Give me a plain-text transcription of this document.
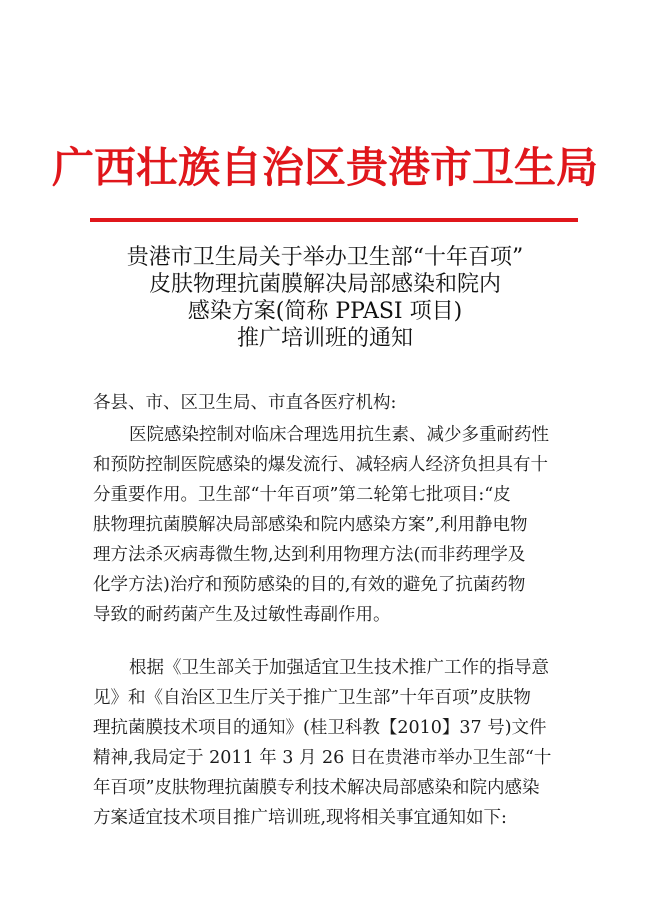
广西壮族自治区贵港市卫生局
贵港市卫生局关于举办卫生部“十年百项”
皮肤物理抗菌膜解决局部感染和院内
感染方案(简称 PPASI 项目)
推广培训班的通知
各县、市、区卫生局、市直各医疗机构:
医院感染控制对临床合理选用抗生素、减少多重耐药性
和预防控制医院感染的爆发流行、减轻病人经济负担具有十
分重要作用。卫生部“十年百项”第二轮第七批项目:“皮
肤物理抗菌膜解决局部感染和院内感染方案”,利用静电物
理方法杀灭病毒微生物,达到利用物理方法(而非药理学及
化学方法)治疗和预防感染的目的,有效的避免了抗菌药物
导致的耐药菌产生及过敏性毒副作用。
根据《卫生部关于加强适宜卫生技术推广工作的指导意
见》和《自治区卫生厅关于推广卫生部”十年百项”皮肤物
理抗菌膜技术项目的通知》(桂卫科教【2010】37 号)文件
精神,我局定于 2011 年 3 月 26 日在贵港市举办卫生部“十
年百项”皮肤物理抗菌膜专利技术解决局部感染和院内感染
方案适宜技术项目推广培训班,现将相关事宜通知如下:
